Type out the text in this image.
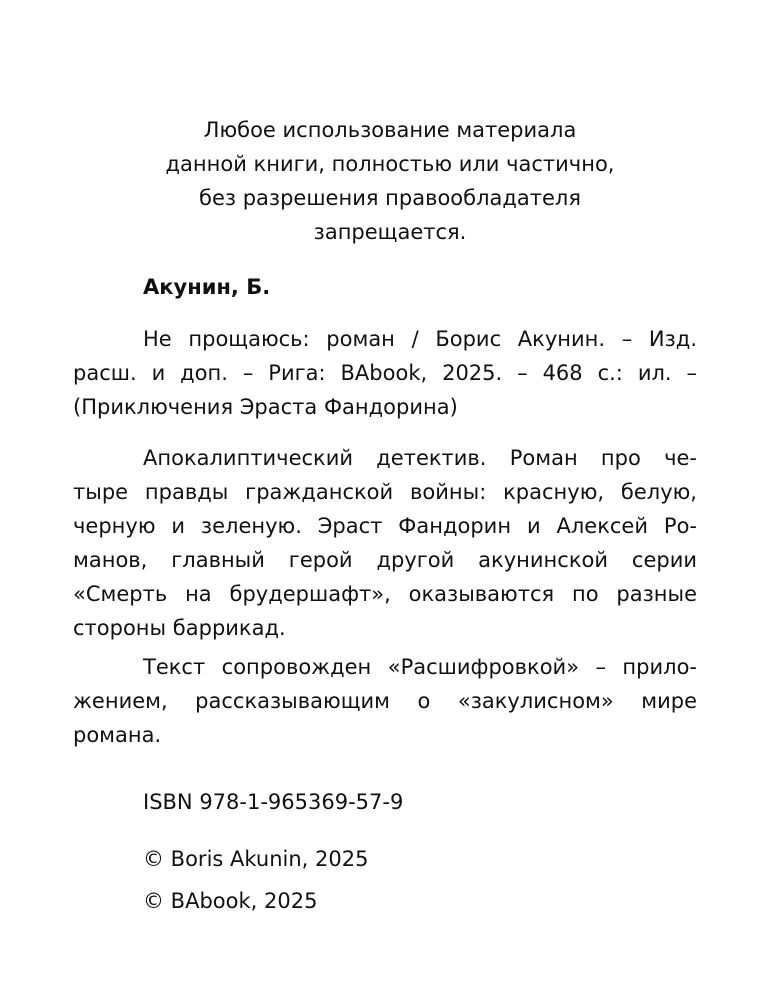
Любое использование материала
данной книги, полностью или частично,
без разрешения правообладателя
запрещается.
Акунин, Б.
Не прощаюсь: роман / Борис Акунин. – Изд.
расш. и доп. – Рига: BAbook, 2025. – 468 с.: ил. –
(Приключения Эраста Фандорина)
Апокалиптический детектив. Роман про че-
тыре правды гражданской войны: красную, белую,
черную и зеленую. Эраст Фандорин и Алексей Ро-
манов, главный герой другой акунинской серии
«Смерть на брудершафт», оказываются по разные
стороны баррикад.
Текст сопровожден «Расшифровкой» – прило-
жением, рассказывающим о «закулисном» мире
романа.
ISBN 978-1-965369-57-9
© Boris Akunin, 2025
© BAbook, 2025
